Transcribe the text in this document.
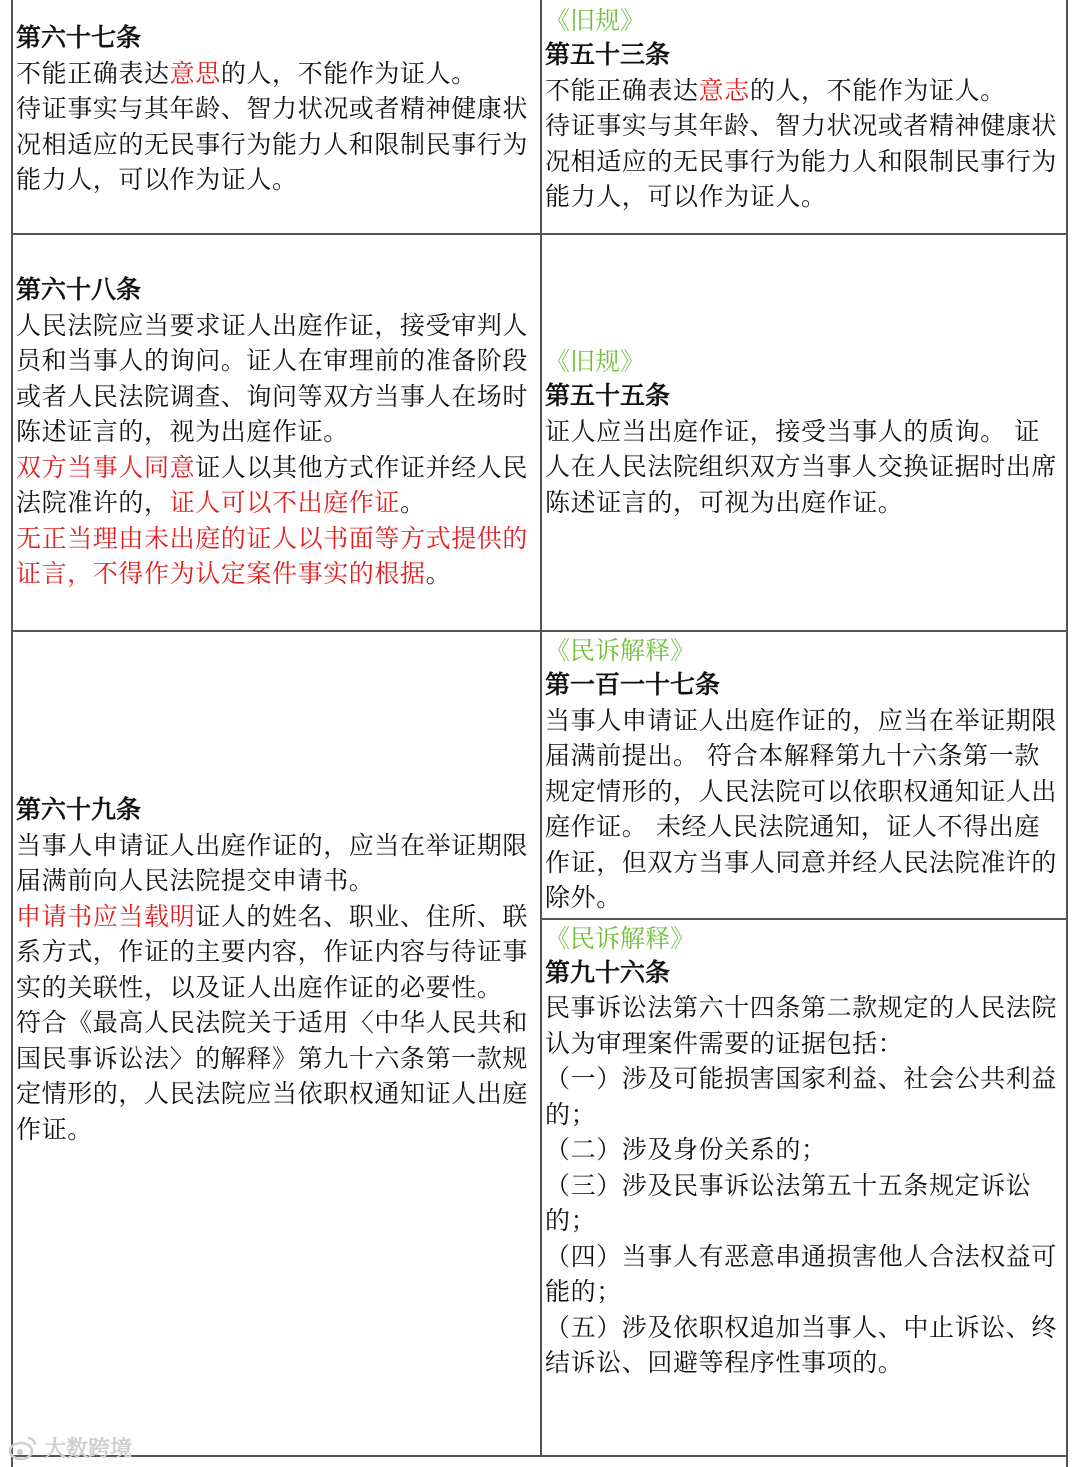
第六十七条

不能正确表达意思的人，不能作为证人。

待证事实与其年龄、智力状况或者精神健康状况相适应的无民事行为能力人和限制民事行为能力人，可以作为证人。

《旧规》
第五十三条

不能正确表达意志的人，不能作为证人。

待证事实与其年龄、智力状况或者精神健康状况相适应的无民事行为能力人和限制民事行为能力人，可以作为证人。

第六十八条

人民法院应当要求证人出庭作证，接受审判人员和当事人的询问。证人在审理前的准备阶段或者人民法院调查、询问等双方当事人在场时陈述证言的，视为出庭作证。

双方当事人同意证人以其他方式作证并经人民法院准许的，证人可以不出庭作证。

无正当理由未出庭的证人以书面等方式提供的证言，不得作为认定案件事实的根据。

《旧规》
第五十五条

证人应当出庭作证，接受当事人的质询。 证人在人民法院组织双方当事人交换证据时出席陈述证言的，可视为出庭作证。

第六十九条

当事人申请证人出庭作证的，应当在举证期限届满前向人民法院提交申请书。

申请书应当载明证人的姓名、职业、住所、联系方式，作证的主要内容，作证内容与待证事实的关联性，以及证人出庭作证的必要性。

符合《最高人民法院关于适用〈中华人民共和国民事诉讼法〉的解释》第九十六条第一款规定情形的，人民法院应当依职权通知证人出庭作证。

《民诉解释》
第一百一十七条

当事人申请证人出庭作证的，应当在举证期限届满前提出。 符合本解释第九十六条第一款规定情形的，人民法院可以依职权通知证人出庭作证。 未经人民法院通知，证人不得出庭作证，但双方当事人同意并经人民法院准许的除外。

《民诉解释》
第九十六条

民事诉讼法第六十四条第二款规定的人民法院认为审理案件需要的证据包括：

（一）涉及可能损害国家利益、社会公共利益的；

（二）涉及身份关系的；

（三）涉及民事诉讼法第五十五条规定诉讼的；

（四）当事人有恶意串通损害他人合法权益可能的；

（五）涉及依职权追加当事人、中止诉讼、终结诉讼、回避等程序性事项的。

大数跨境
